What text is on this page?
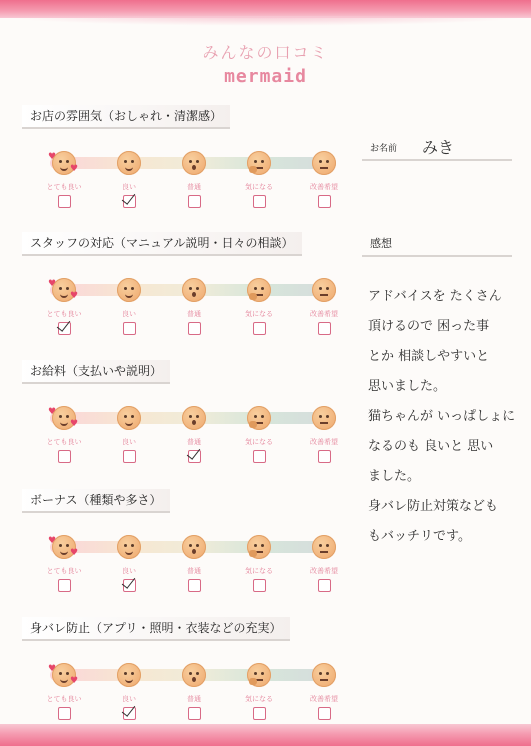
みんなの口コミ
mermaid
お店の雰囲気（おしゃれ・清潔感）
♥
♥
とても良い	良い	普通	気になる	改善希望
スタッフの対応（マニュアル説明・日々の相談）
♥
♥
とても良い	良い	普通	気になる	改善希望
お給料（支払いや説明）
♥
♥
とても良い	良い	普通	気になる	改善希望
ボーナス（種類や多さ）
♥
♥
とても良い	良い	普通	気になる	改善希望
身バレ防止（アプリ・照明・衣装などの充実）
♥
♥
とても良い	良い	普通	気になる	改善希望
お名前 みき
感想
アドバイスを たくさん
頂けるので 困った事
とか 相談しやすいと
思いました。
猫ちゃんが いっぱしょに
なるのも 良いと 思い
ました。
身バレ防止対策なども
もバッチリです。
